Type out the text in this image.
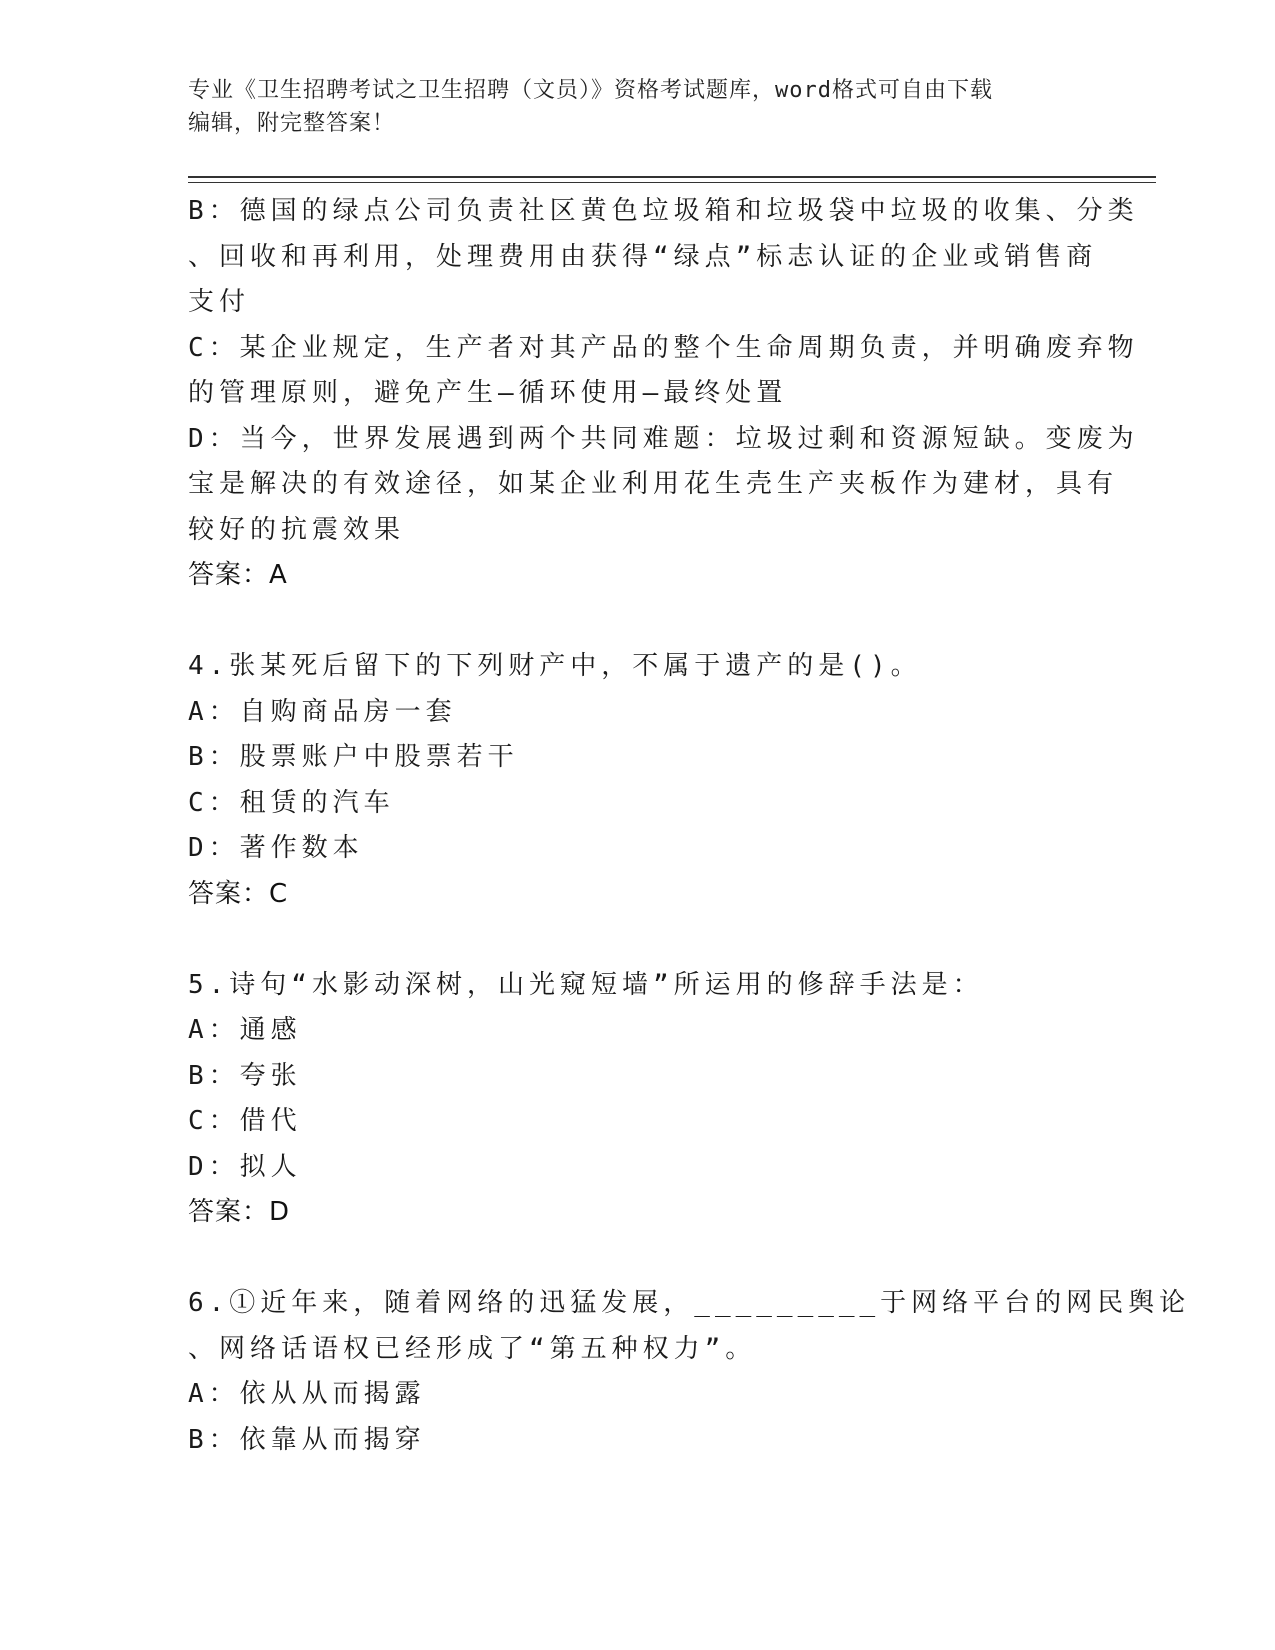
专业《卫生招聘考试之卫生招聘（文员）》资格考试题库，word格式可自由下载
编辑，附完整答案！
B：德国的绿点公司负责社区黄色垃圾箱和垃圾袋中垃圾的收集、分类
、回收和再利用，处理费用由获得“绿点”标志认证的企业或销售商
支付
C：某企业规定，生产者对其产品的整个生命周期负责，并明确废弃物
的管理原则，避免产生—循环使用—最终处置
D：当今，世界发展遇到两个共同难题：垃圾过剩和资源短缺。变废为
宝是解决的有效途径，如某企业利用花生壳生产夹板作为建材，具有
较好的抗震效果
答案：A
4.张某死后留下的下列财产中，不属于遗产的是()。
A：自购商品房一套
B：股票账户中股票若干
C：租赁的汽车
D：著作数本
答案：C
5.诗句“水影动深树，山光窥短墙”所运用的修辞手法是：
A：通感
B：夸张
C：借代
D：拟人
答案：D
6.①近年来，随着网络的迅猛发展，_________于网络平台的网民舆论
、网络话语权已经形成了“第五种权力”。
A：依从从而揭露
B：依靠从而揭穿
